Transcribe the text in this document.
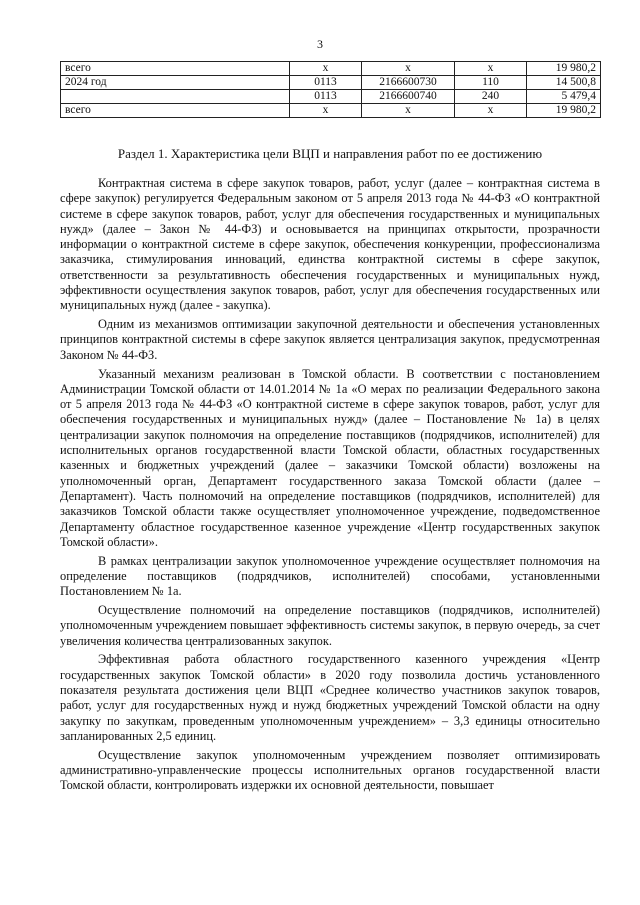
3
всего	х	х	х	19 980,2
2024 год	0113	2166600730	110	14 500,8
	0113	2166600740	240	5 479,4
всего	х	х	х	19 980,2
Раздел 1. Характеристика цели ВЦП и направления работ по ее достижению

Контрактная система в сфере закупок товаров, работ, услуг (далее – контрактная система в сфере закупок) регулируется Федеральным законом от 5 апреля 2013 года № 44-ФЗ «О контрактной системе в сфере закупок товаров, работ, услуг для обеспечения государственных и муниципальных нужд» (далее – Закон № 44-ФЗ) и основывается на принципах открытости, прозрачности информации о контрактной системе в сфере закупок, обеспечения конкуренции, профессионализма заказчика, стимулирования инноваций, единства контрактной системы в сфере закупок, ответственности за результативность обеспечения государственных и муниципальных нужд, эффективности осуществления закупок товаров, работ, услуг для обеспечения государственных или муниципальных нужд (далее - закупка).

Одним из механизмов оптимизации закупочной деятельности и обеспечения установленных принципов контрактной системы в сфере закупок является централизация закупок, предусмотренная Законом № 44-ФЗ.

Указанный механизм реализован в Томской области. В соответствии с постановлением Администрации Томской области от 14.01.2014 № 1а «О мерах по реализации Федерального закона от 5 апреля 2013 года № 44-ФЗ «О контрактной системе в сфере закупок товаров, работ, услуг для обеспечения государственных и муниципальных нужд» (далее – Постановление № 1а) в целях централизации закупок полномочия на определение поставщиков (подрядчиков, исполнителей) для исполнительных органов государственной власти Томской области, областных государственных казенных и бюджетных учреждений (далее – заказчики Томской области) возложены на уполномоченный орган, Департамент государственного заказа Томской области (далее – Департамент). Часть полномочий на определение поставщиков (подрядчиков, исполнителей) для заказчиков Томской области также осуществляет уполномоченное учреждение, подведомственное Департаменту областное государственное казенное учреждение «Центр государственных закупок Томской области».

В рамках централизации закупок уполномоченное учреждение осуществляет полномочия на определение поставщиков (подрядчиков, исполнителей) способами, установленными Постановлением № 1а.

Осуществление полномочий на определение поставщиков (подрядчиков, исполнителей) уполномоченным учреждением повышает эффективность системы закупок, в первую очередь, за счет увеличения количества централизованных закупок.

Эффективная работа областного государственного казенного учреждения «Центр государственных закупок Томской области» в 2020 году позволила достичь установленного показателя результата достижения цели ВЦП «Среднее количество участников закупок товаров, работ, услуг для государственных нужд и нужд бюджетных учреждений Томской области на одну закупку по закупкам, проведенным уполномоченным учреждением» – 3,3 единицы относительно запланированных 2,5 единиц.

Осуществление закупок уполномоченным учреждением позволяет оптимизировать административно-управленческие процессы исполнительных органов государственной власти Томской области, контролировать издержки их основной деятельности, повышает
